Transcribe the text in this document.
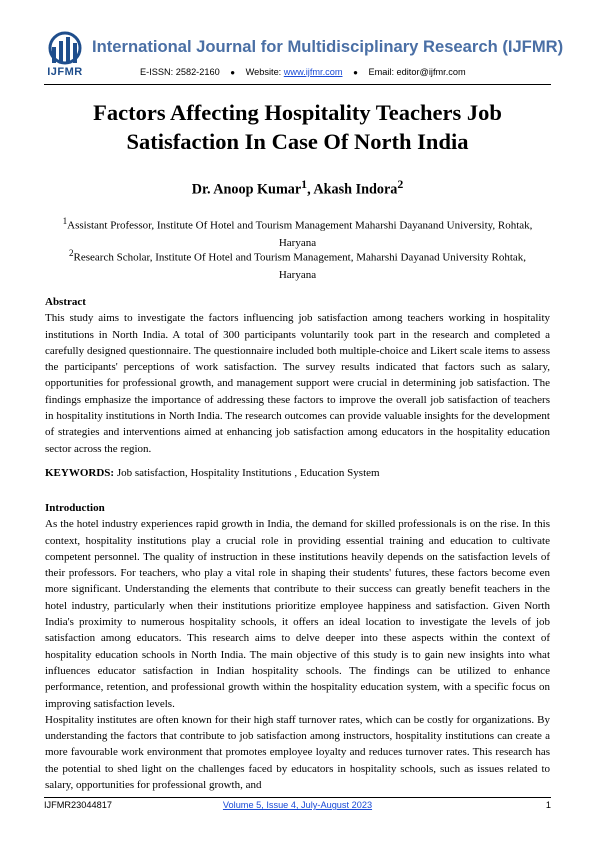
IJFMR
International Journal for Multidisciplinary Research (IJFMR)
E-ISSN: 2582-2160 ● Website: www.ijfmr.com ● Email: editor@ijfmr.com
Factors Affecting Hospitality Teachers Job Satisfaction In Case Of North India
Dr. Anoop Kumar$^1$, Akash Indora$^2$
$^1$Assistant Professor, Institute Of Hotel and Tourism Management Maharshi Dayanand University, Rohtak, Haryana
$^2$Research Scholar, Institute Of Hotel and Tourism Management, Maharshi Dayanad University Rohtak, Haryana
Abstract
This study aims to investigate the factors influencing job satisfaction among teachers working in hospitality institutions in North India. A total of 300 participants voluntarily took part in the research and completed a carefully designed questionnaire. The questionnaire included both multiple-choice and Likert scale items to assess the participants' perceptions of work satisfaction. The survey results indicated that factors such as salary, opportunities for professional growth, and management support were crucial in determining job satisfaction. The findings emphasize the importance of addressing these factors to improve the overall job satisfaction of teachers in hospitality institutions in North India. The research outcomes can provide valuable insights for the development of strategies and interventions aimed at enhancing job satisfaction among educators in the hospitality education sector across the region.
KEYWORDS: Job satisfaction, Hospitality Institutions , Education System
Introduction
As the hotel industry experiences rapid growth in India, the demand for skilled professionals is on the rise. In this context, hospitality institutions play a crucial role in providing essential training and education to cultivate competent personnel. The quality of instruction in these institutions heavily depends on the satisfaction levels of their professors. For teachers, who play a vital role in shaping their students' futures, these factors become even more significant. Understanding the elements that contribute to their success can greatly benefit teachers in the hotel industry, particularly when their institutions prioritize employee happiness and satisfaction. Given North India's proximity to numerous hospitality schools, it offers an ideal location to investigate the levels of job satisfaction among educators. This research aims to delve deeper into these aspects within the context of hospitality education schools in North India. The main objective of this study is to gain new insights into what influences educator satisfaction in Indian hospitality schools. The findings can be utilized to enhance performance, retention, and professional growth within the hospitality education system, with a specific focus on improving satisfaction levels.
Hospitality institutes are often known for their high staff turnover rates, which can be costly for organizations. By understanding the factors that contribute to job satisfaction among instructors, hospitality institutions can create a more favourable work environment that promotes employee loyalty and reduces turnover rates. This research has the potential to shed light on the challenges faced by educators in hospitality schools, such as issues related to salary, opportunities for professional growth, and
IJFMR23044817	Volume 5, Issue 4, July-August 2023	1
